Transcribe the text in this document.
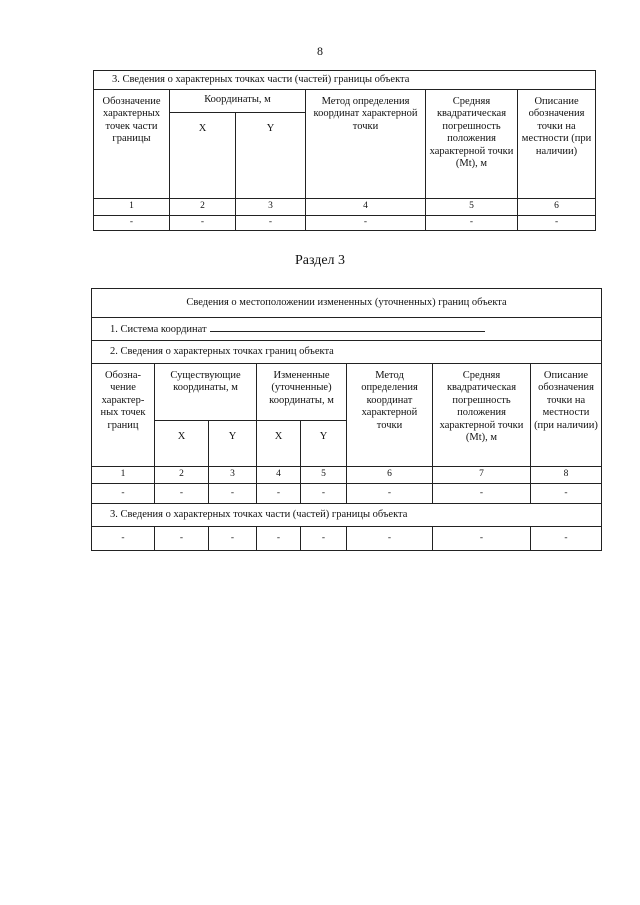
8
3. Сведения о характерных точках части (частей) границы объекта					
Обозначение характерных точек части границы	Координаты, м		Метод определения координат характерной точки	Средняя квадратическая погрешность положения характерной точки (Mt), м	Описание обозначения точки на местности (при наличии)
	X	Y			
1	2	3	4	5	6
-	-	-	-	-	-
Раздел 3
Сведения о местоположении измененных (уточненных) границ объекта							
1. Система координат							
2. Сведения о характерных точках границ объекта							
Обозна-чение характер-ных точек границ	Существующие координаты, м		Измененные (уточненные) координаты, м		Метод определения координат характерной точки	Средняя квадратическая погрешность положения характерной точки (Mt), м	Описание обозначения точки на местности (при наличии)
	X	Y	X	Y			
1	2	3	4	5	6	7	8
-	-	-	-	-	-	-	-
3. Сведения о характерных точках части (частей) границы объекта							
-	-	-	-	-	-	-	-
